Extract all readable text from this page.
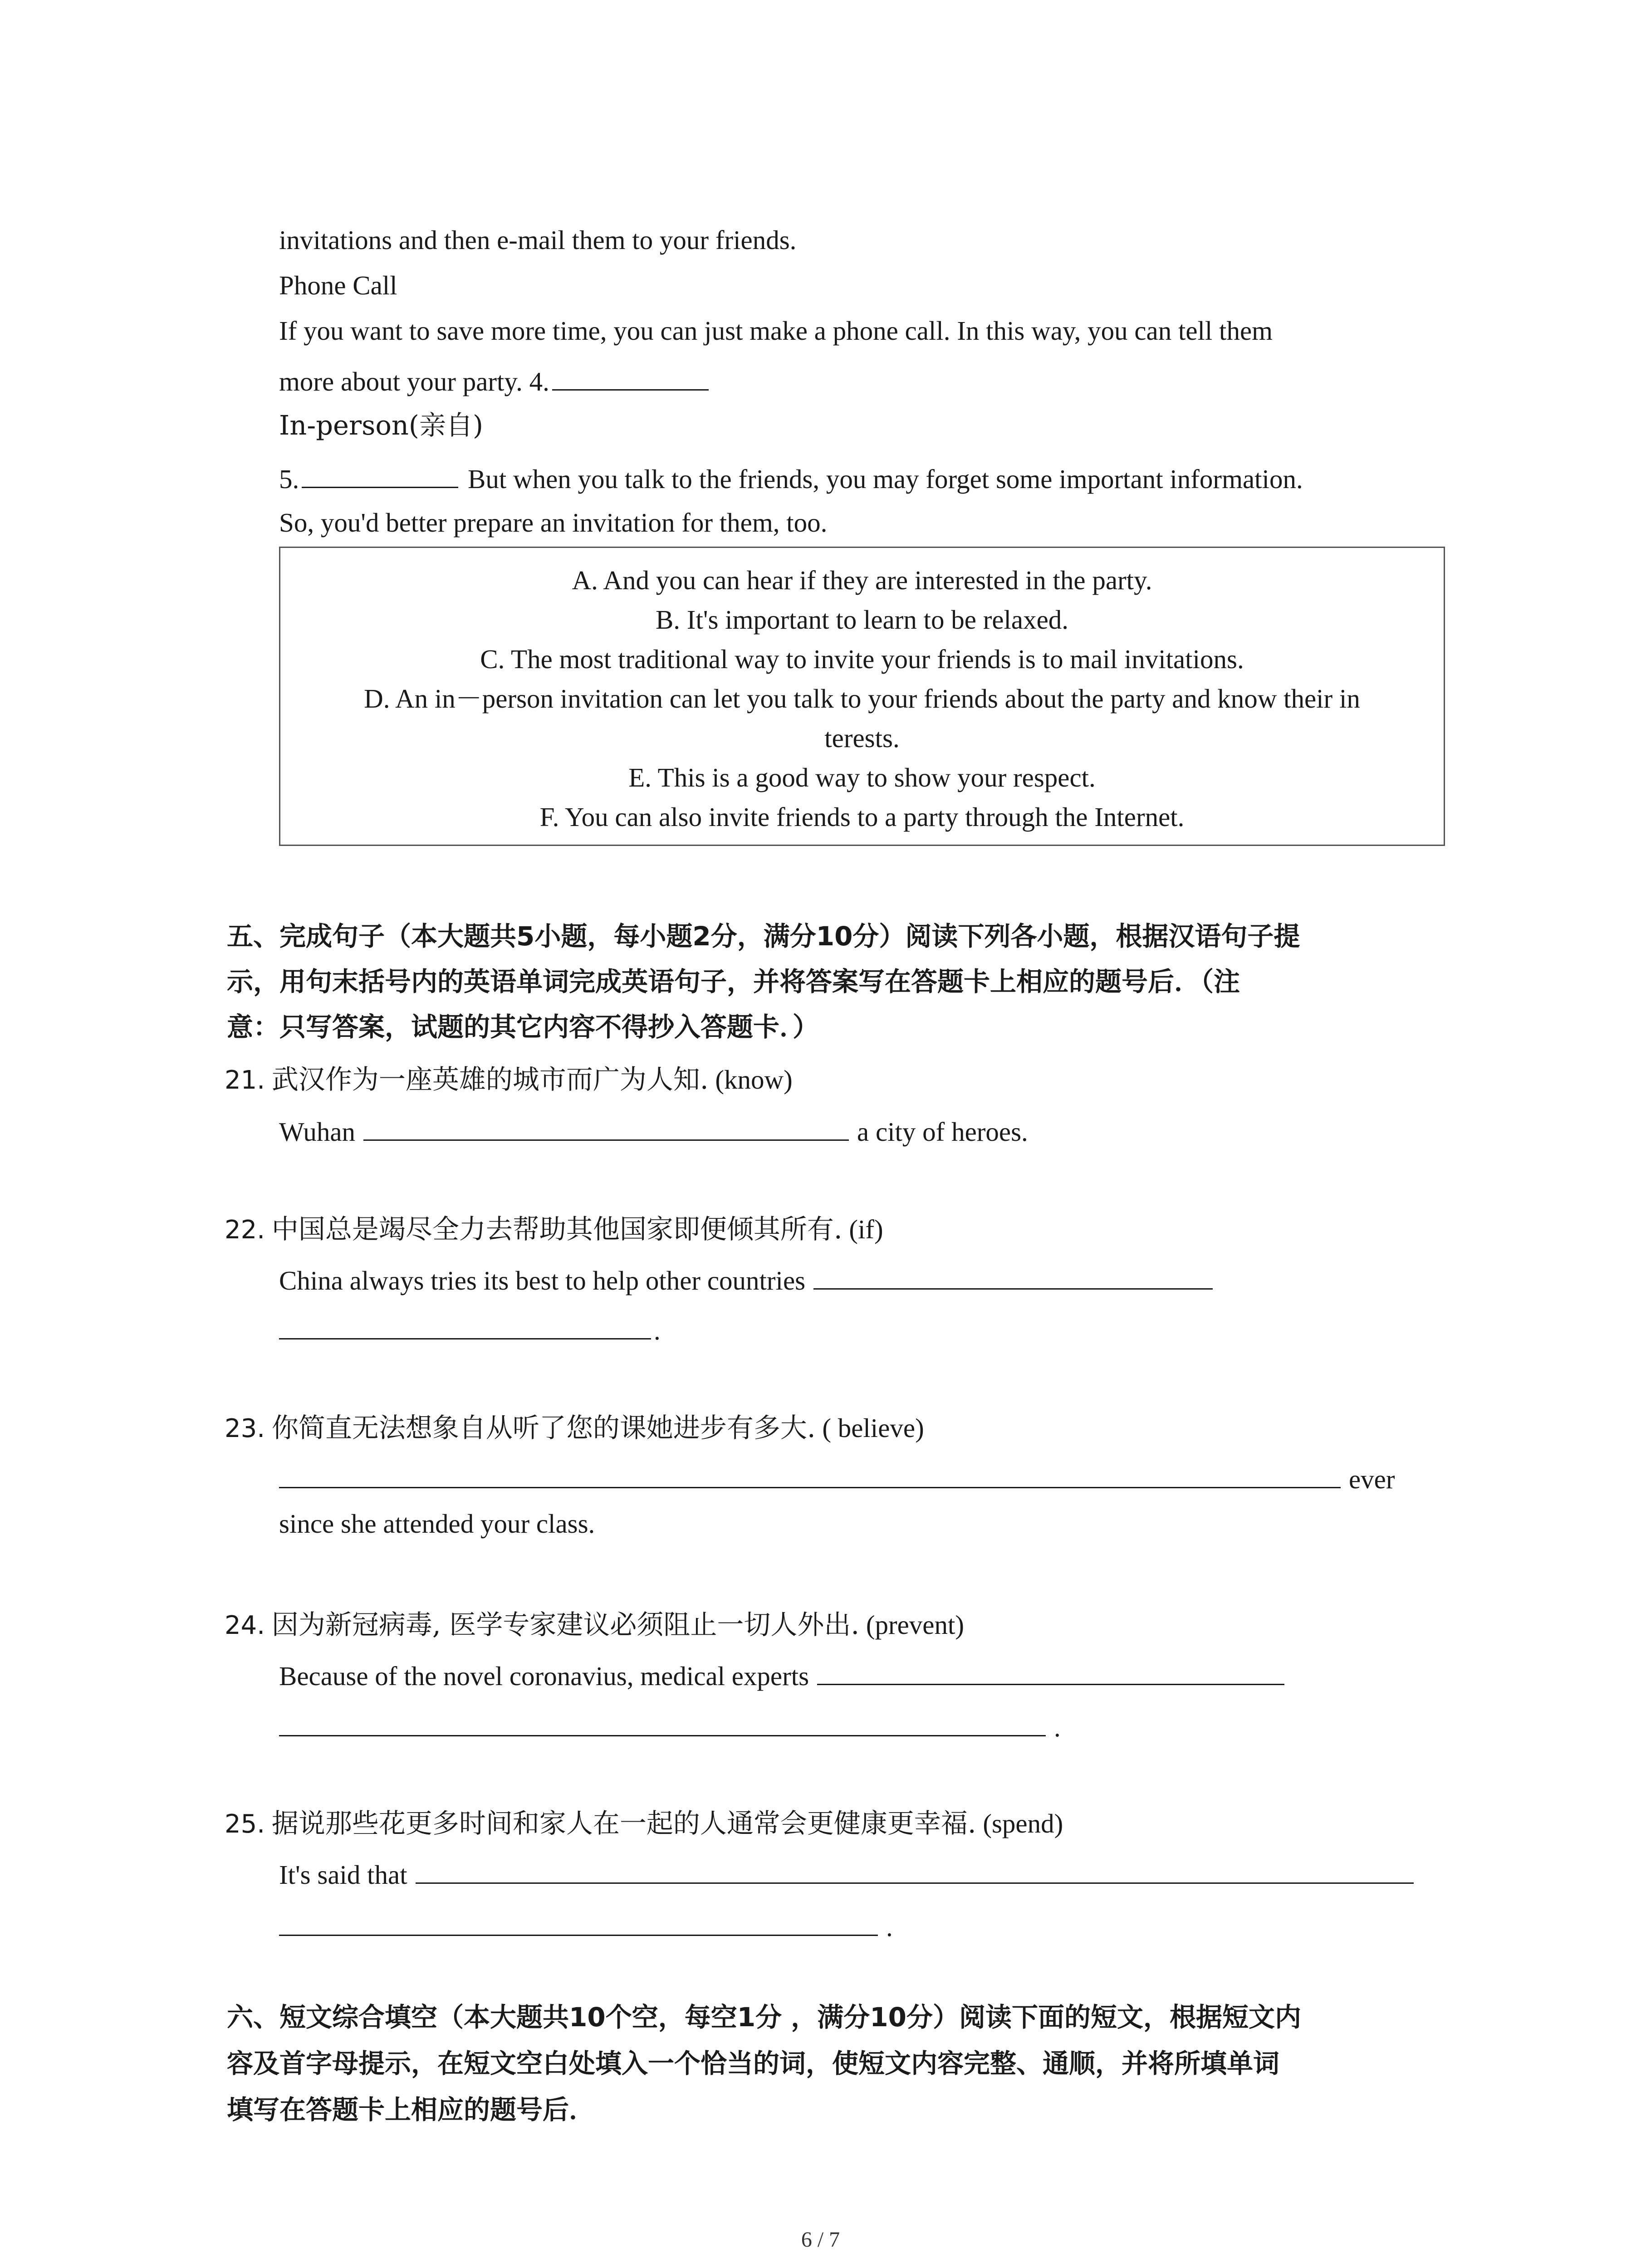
invitations and then e-mail them to your friends.
Phone Call
If you want to save more time, you can just make a phone call. In this way, you can tell them
more about your party. 4.
In-person(亲自)
5.	But when you talk to the friends, you may forget some important information.
So, you'd better prepare an invitation for them, too.
A. And you can hear if they are interested in the party.
B. It's important to learn to be relaxed.
C. The most traditional way to invite your friends is to mail invitations.
D. An in－person invitation can let you talk to your friends about the party and know their in
terests.
E. This is a good way to show your respect.
F. You can also invite friends to a party through the Internet.
五、完成句子（本大题共5小题，每小题2分，满分10分）阅读下列各小题，根据汉语句子提
示，用句末括号内的英语单词完成英语句子，并将答案写在答题卡上相应的题号后．（注
意：只写答案，试题的其它内容不得抄入答题卡．）
21. 武汉作为一座英雄的城市而广为人知. (know)
Wuhan	a city of heroes.
22. 中国总是竭尽全力去帮助其他国家即便倾其所有. (if)
China always tries its best to help other countries
.
23. 你简直无法想象自从听了您的课她进步有多大. ( believe)
ever
since she attended your class.
24. 因为新冠病毒, 医学专家建议必须阻止一切人外出. (prevent)
Because of the novel coronavius, medical experts
.
25. 据说那些花更多时间和家人在一起的人通常会更健康更幸福. (spend)
It's said that
.
六、短文综合填空（本大题共10个空，每空1分 ，满分10分）阅读下面的短文，根据短文内
容及首字母提示，在短文空白处填入一个恰当的词，使短文内容完整、通顺，并将所填单词
填写在答题卡上相应的题号后．
6 / 7
